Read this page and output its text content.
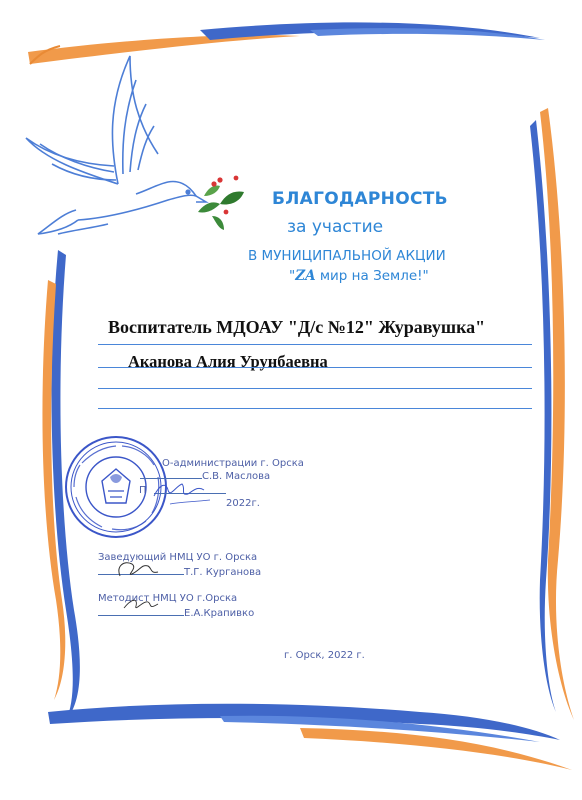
БЛАГОДАРНОСТЬ
за участие
В МУНИЦИПАЛЬНОЙ АКЦИИ
"ZA мир на Земле!"
Воспитатель МДОАУ "Д/с №12" Журавушка"
Аканова Алия Урунбаевна
О-администрации г. Орска
С.В. Маслова
П
2022г.
Заведующий НМЦ УО г. Орска
Т.Г. Курганова
Методист НМЦ УО г.Орска
Е.А.Крапивко
г. Орск, 2022 г.
